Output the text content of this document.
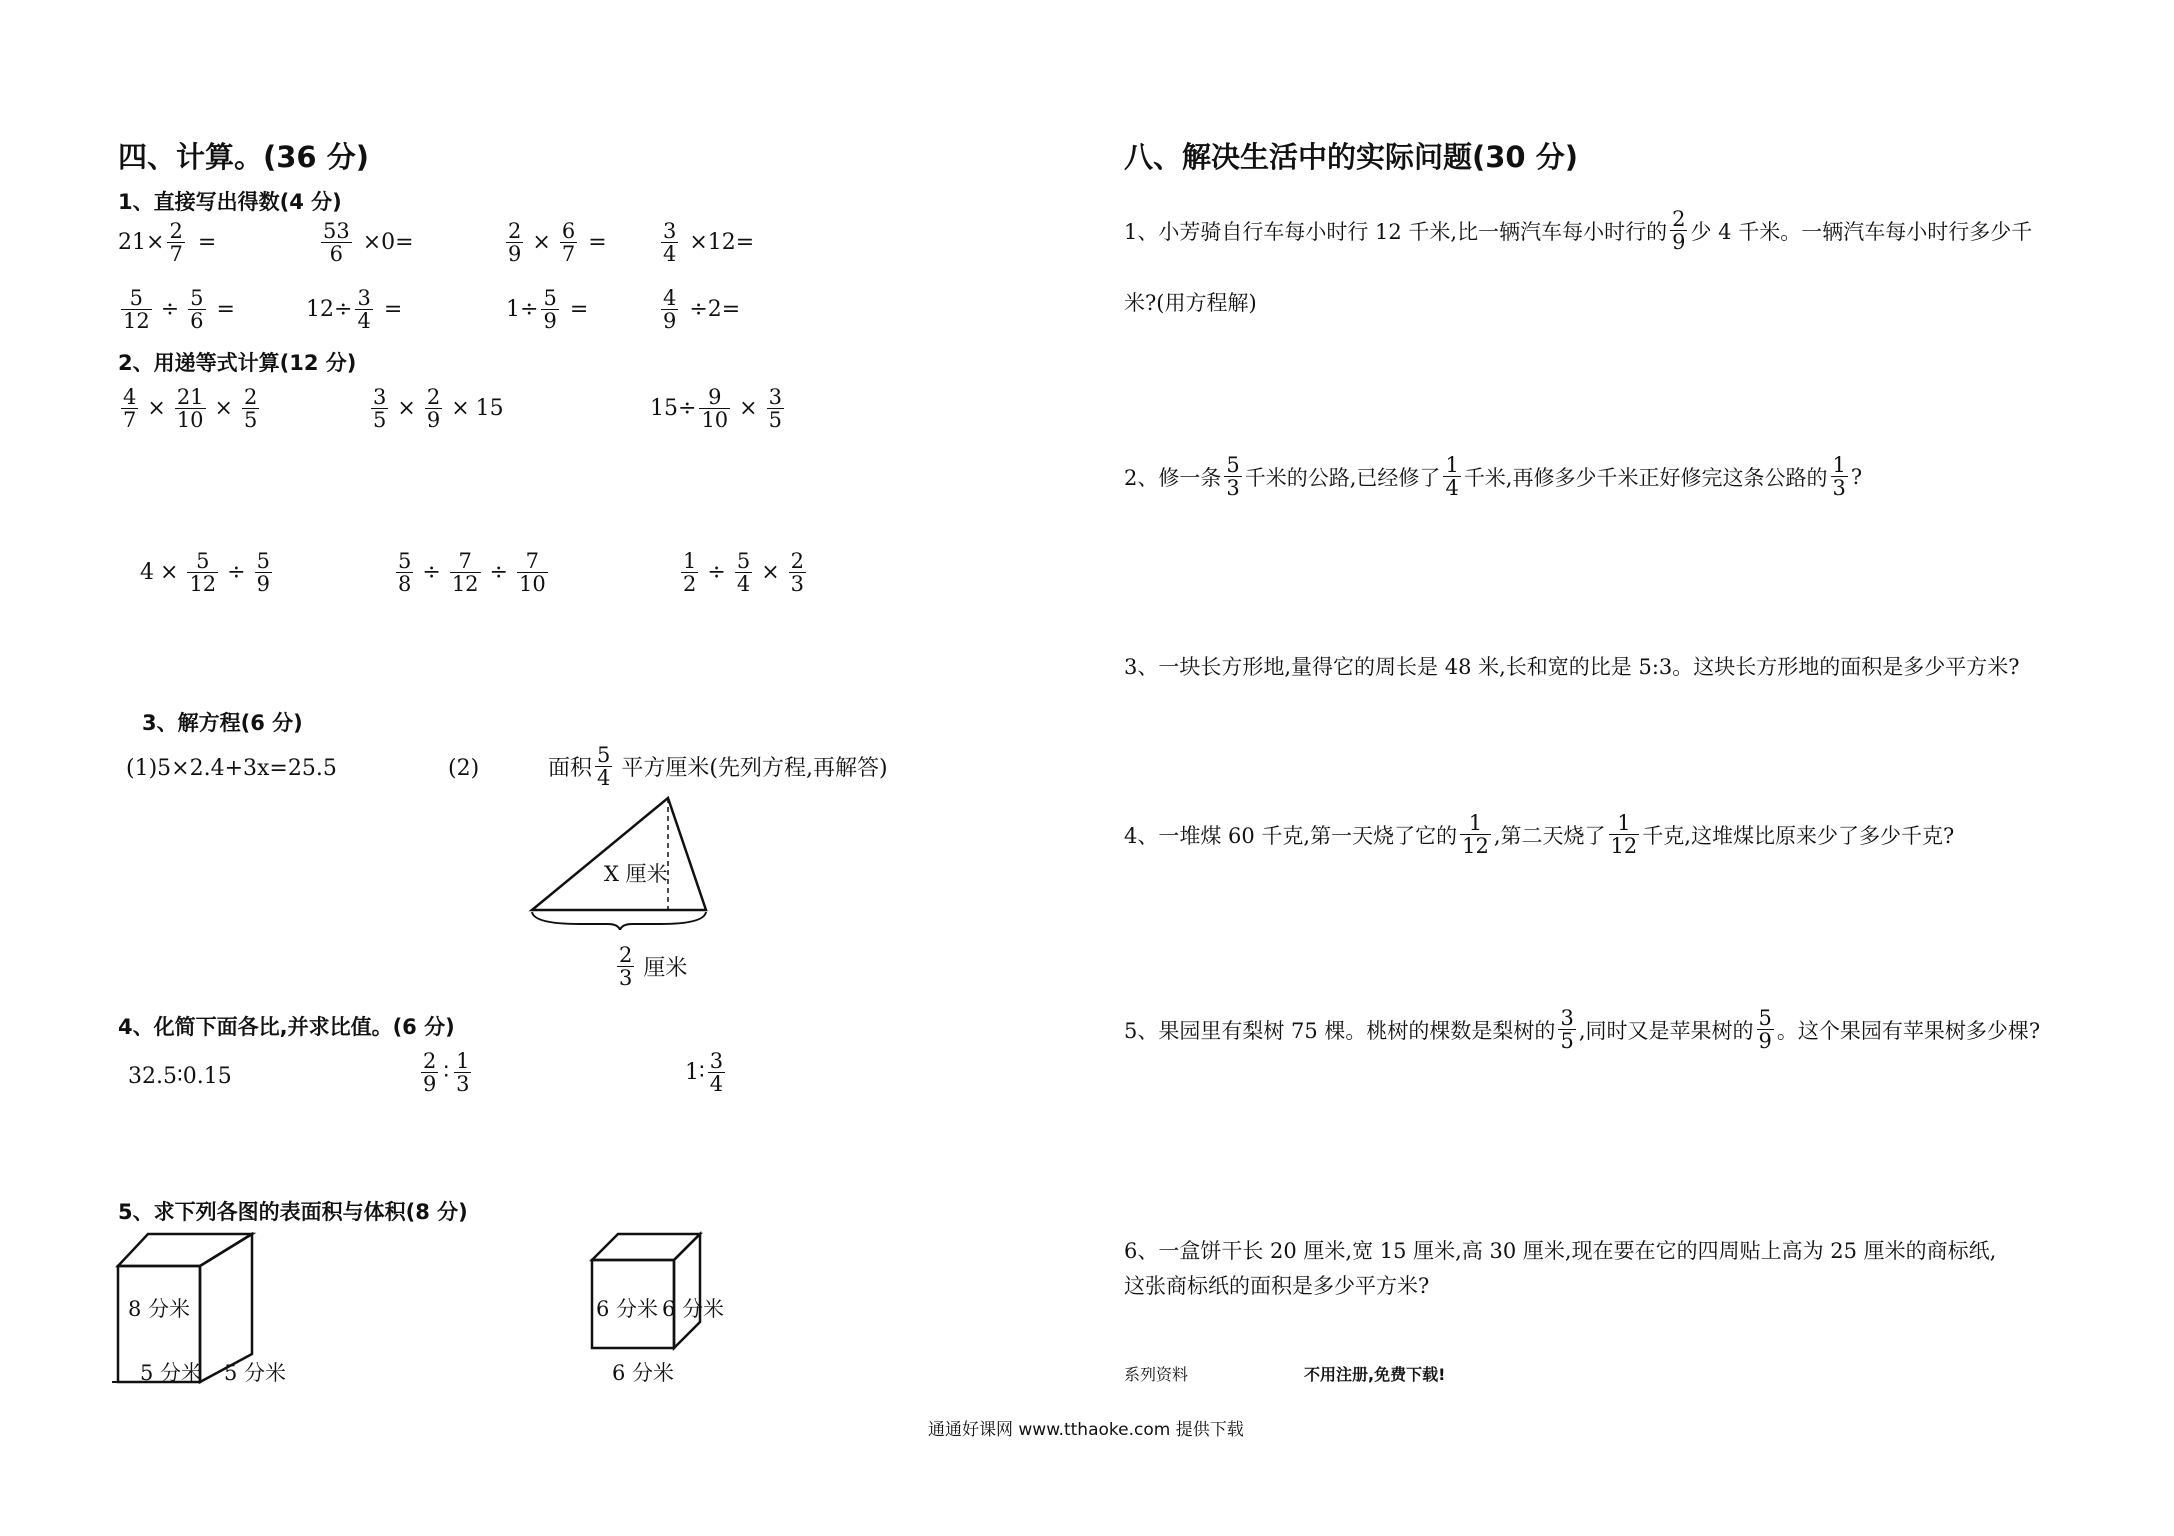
四、计算。(36 分)
1、直接写出得数(4 分)
$21\times \frac{2}{7}$ =	$\frac{53}{6} \times 0=$	$\frac{2}{9} \times \frac{6}{7}$ =	$\frac{3}{4} \times 12=$
$\frac{5}{12} \div \frac{5}{6}$ =	$12\div \frac{3}{4}$ =	$1\div \frac{5}{9}$ =	$\frac{4}{9} \div 2=$
2、用递等式计算(12 分)
$\frac{4}{7} \times \frac{21}{10} \times \frac{2}{5}$	$\frac{3}{5} \times \frac{2}{9} \times 15$	$15\div \frac{9}{10} \times \frac{3}{5}$
$4 \times \frac{5}{12} \div \frac{5}{9}$	$\frac{5}{8} \div \frac{7}{12} \div \frac{7}{10}$	$\frac{1}{2} \div \frac{5}{4} \times \frac{2}{3}$
3、解方程(6 分)
(1)5×2.4+3x=25.5	(2)	面积 $\frac{5}{4}$ 平方厘米(先列方程,再解答)
X 厘米
$\frac{2}{3}$ 厘米
4、化简下面各比,并求比值。(6 分)
32.5∶0.15	$\frac{2}{9}$ ∶ $\frac{1}{3}$	1∶ $\frac{3}{4}$
5、求下列各图的表面积与体积(8 分)
8 分米
5 分米 5 分米
6 分米 6 分米
6 分米
八、解决生活中的实际问题(30 分)
1、小芳骑自行车每小时行 12 千米,比一辆汽车每小时行的 $\frac{2}{9}$ 少 4 千米。一辆汽车每小时行多少千
米?(用方程解)
2、修一条 $\frac{5}{3}$ 千米的公路,已经修了 $\frac{1}{4}$ 千米,再修多少千米正好修完这条公路的 $\frac{1}{3}$ ?
3、一块长方形地,量得它的周长是 48 米,长和宽的比是 5:3。这块长方形地的面积是多少平方米?
4、一堆煤 60 千克,第一天烧了它的 $\frac{1}{12}$ ,第二天烧了 $\frac{1}{12}$ 千克,这堆煤比原来少了多少千克?
5、果园里有梨树 75 棵。桃树的棵数是梨树的 $\frac{3}{5}$ ,同时又是苹果树的 $\frac{5}{9}$ 。这个果园有苹果树多少棵?
6、一盒饼干长 20 厘米,宽 15 厘米,高 30 厘米,现在要在它的四周贴上高为 25 厘米的商标纸,
这张商标纸的面积是多少平方米?
系列资料	不用注册,免费下载!
通通好课网 www.tthaoke.com 提供下载
